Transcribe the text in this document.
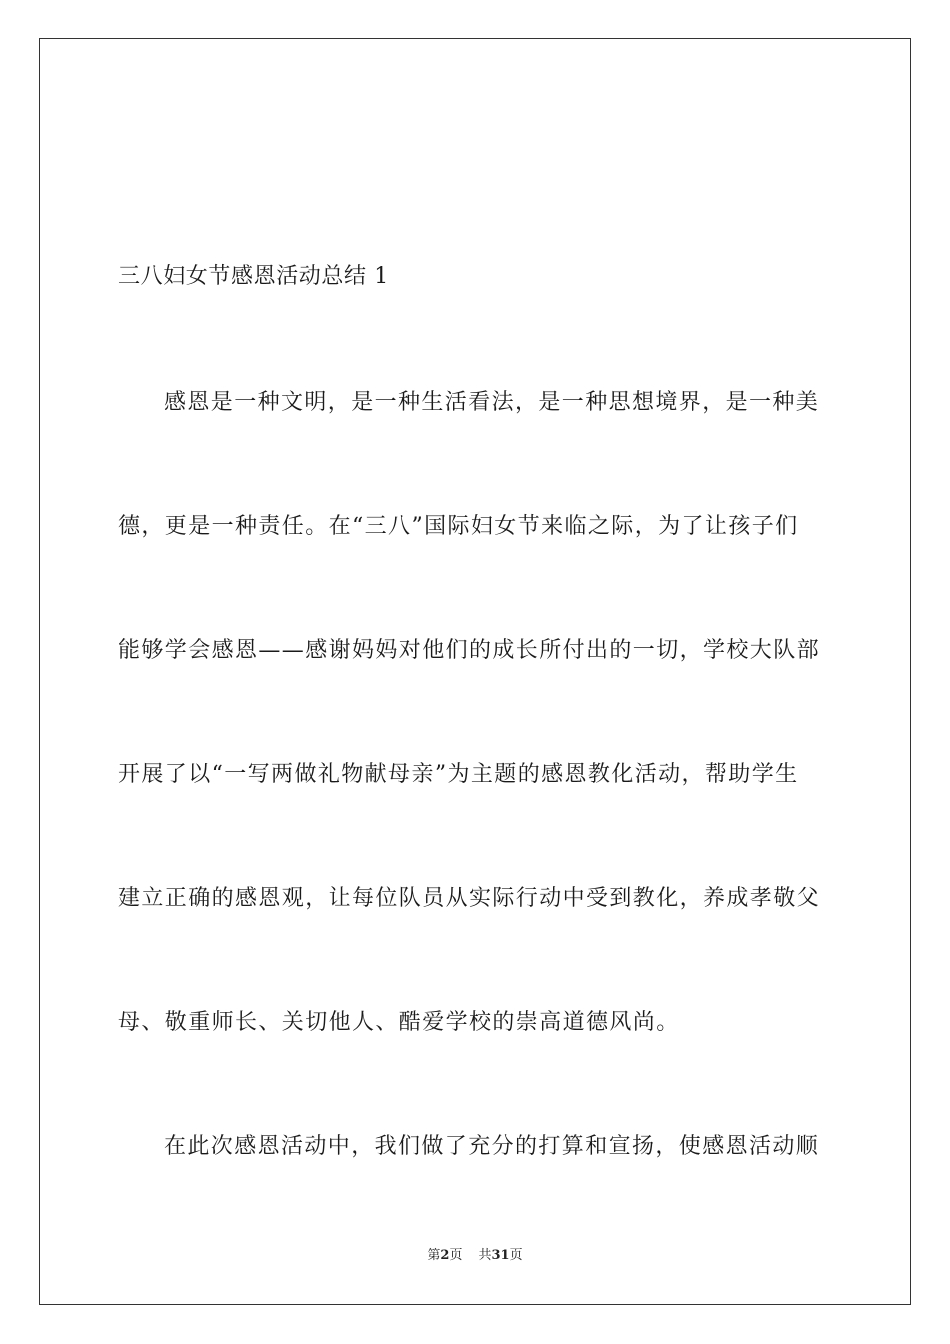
三八妇女节感恩活动总结 1
感恩是一种文明，是一种生活看法，是一种思想境界，是一种美
德，更是一种责任。在“三八”国际妇女节来临之际，为了让孩子们
能够学会感恩——感谢妈妈对他们的成长所付出的一切，学校大队部
开展了以“一写两做礼物献母亲”为主题的感恩教化活动，帮助学生
建立正确的感恩观，让每位队员从实际行动中受到教化，养成孝敬父
母、敬重师长、关切他人、酷爱学校的崇高道德风尚。
在此次感恩活动中，我们做了充分的打算和宣扬，使感恩活动顺
第2页 共31页
